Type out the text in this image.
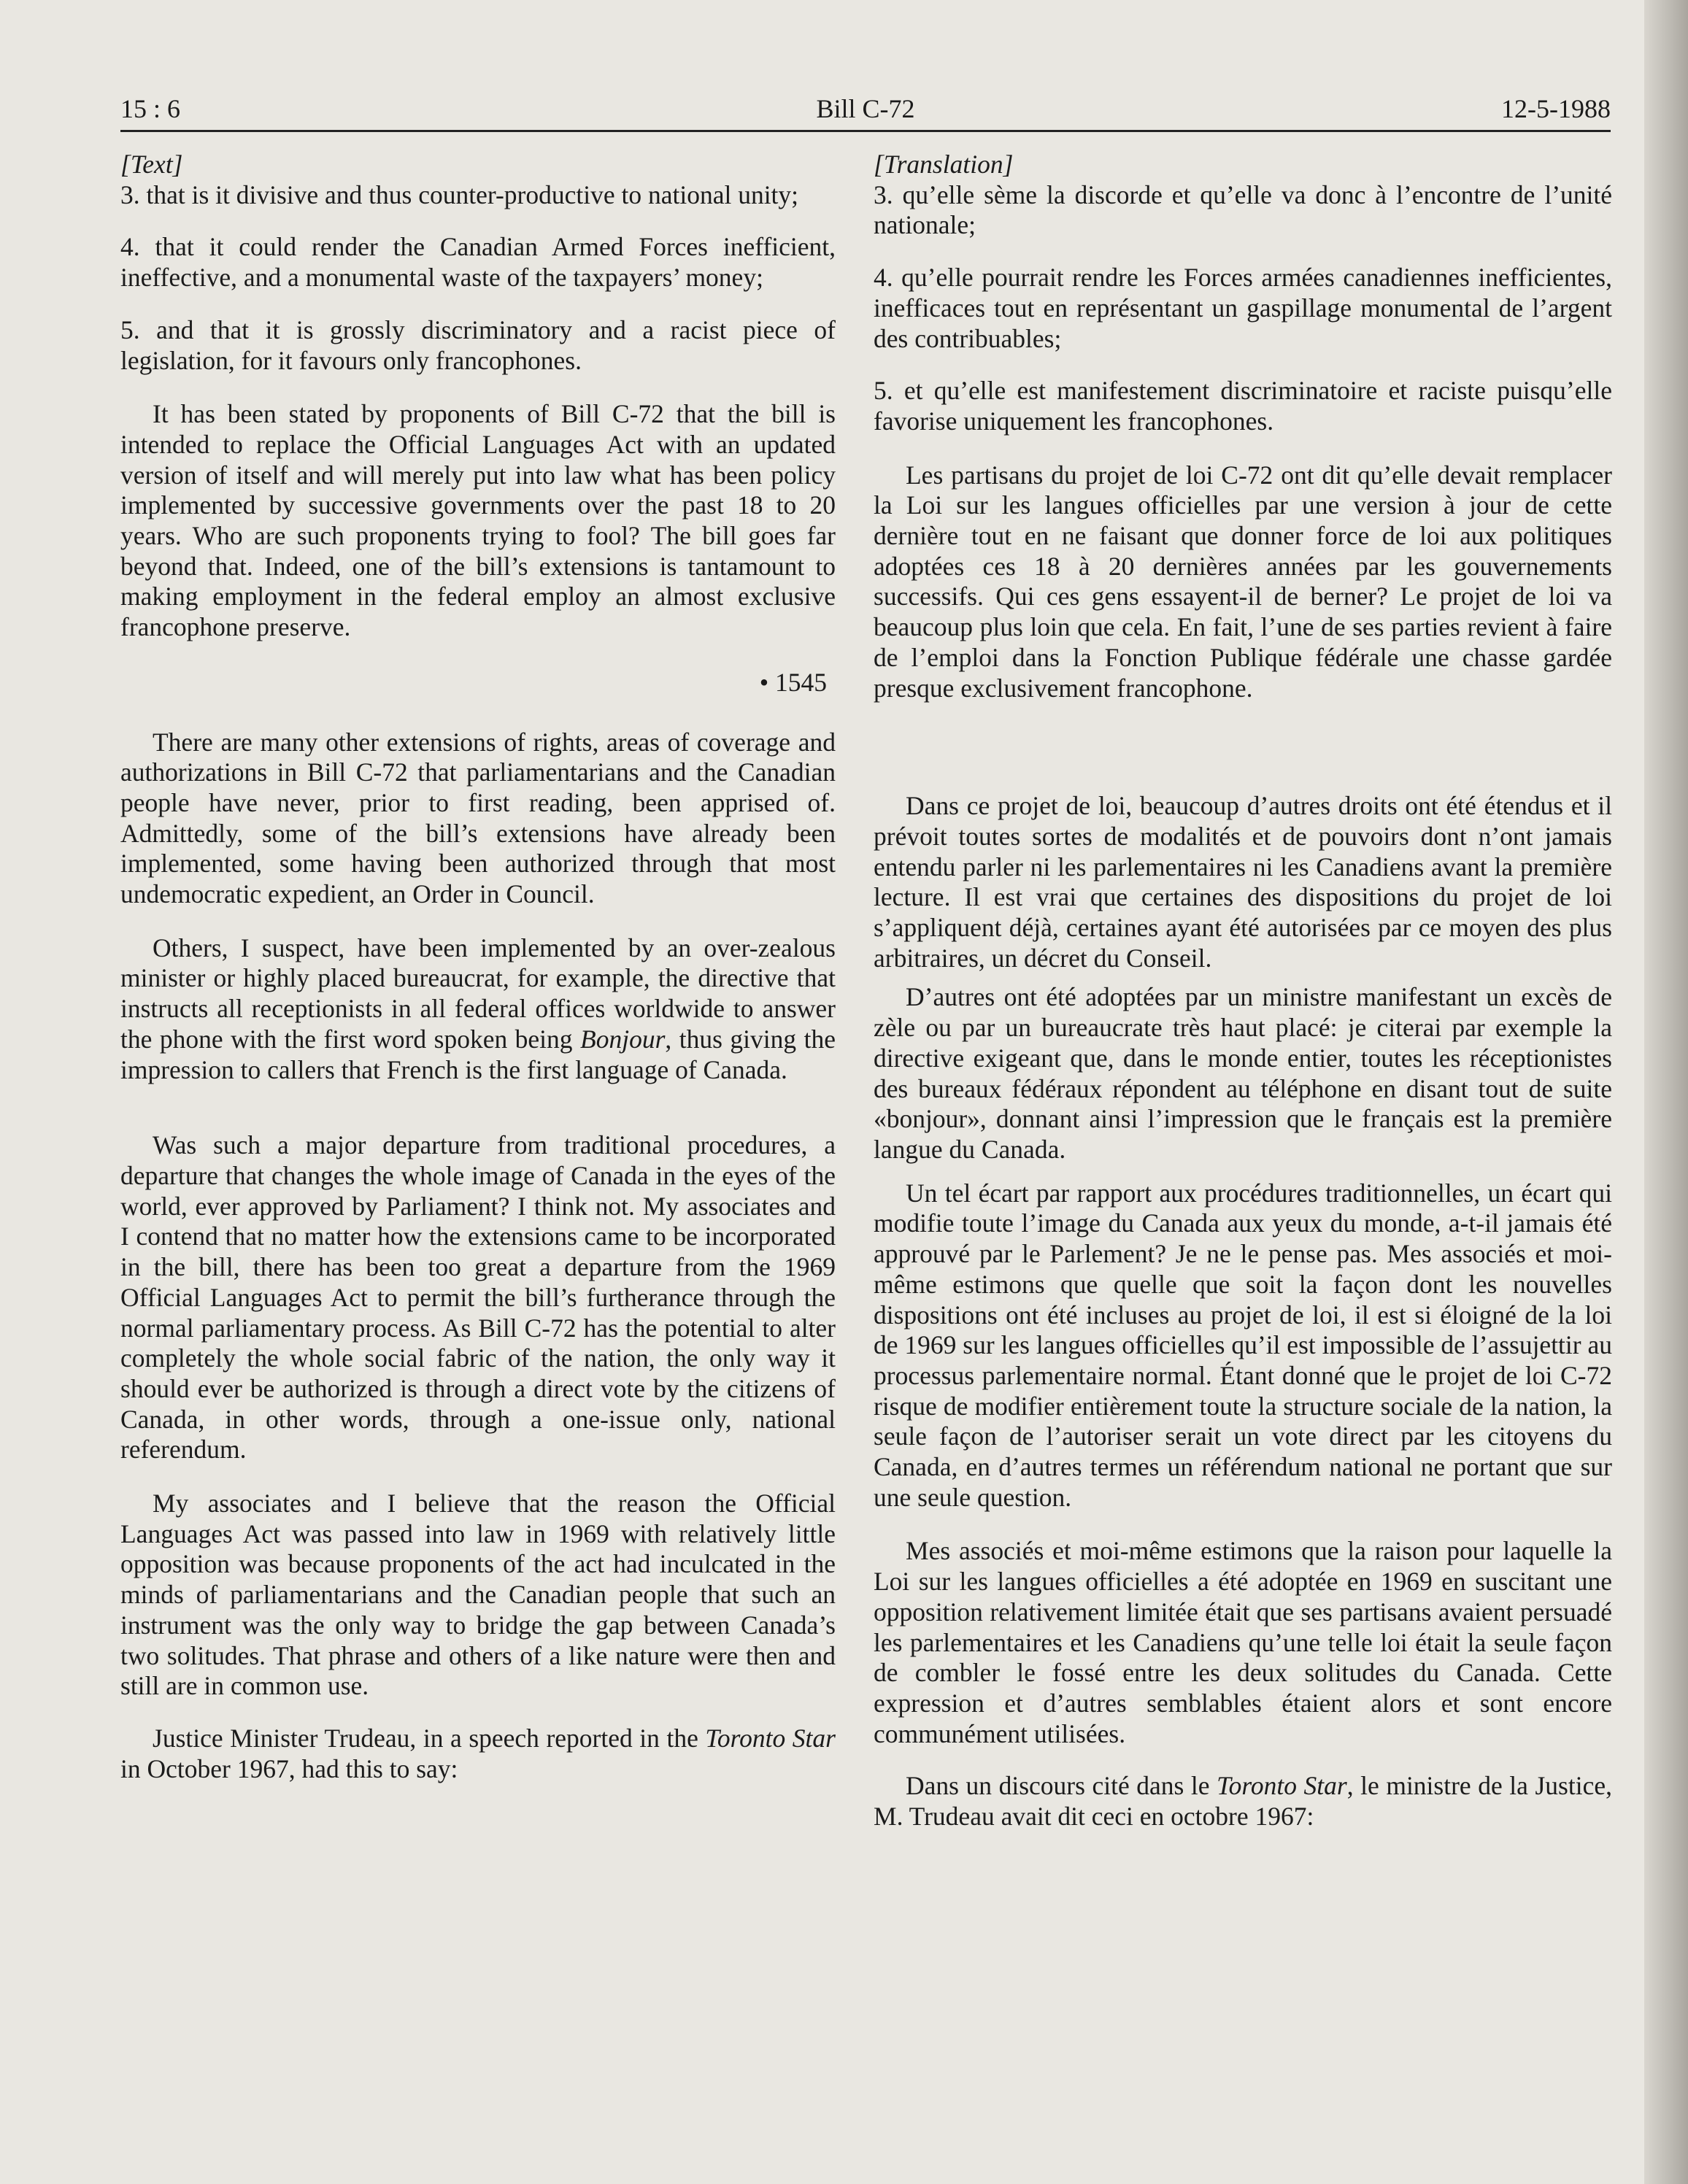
15 : 6	Bill C-72	12-5-1988

[Text]

3. that is it divisive and thus counter-productive to national unity;

4. that it could render the Canadian Armed Forces inefficient, ineffective, and a monumental waste of the taxpayers’ money;

5. and that it is grossly discriminatory and a racist piece of legislation, for it favours only francophones.

It has been stated by proponents of Bill C-72 that the bill is intended to replace the Official Languages Act with an updated version of itself and will merely put into law what has been policy implemented by successive governments over the past 18 to 20 years. Who are such proponents trying to fool? The bill goes far beyond that. Indeed, one of the bill’s extensions is tantamount to making employment in the federal employ an almost exclusive francophone preserve.

• 1545

There are many other extensions of rights, areas of coverage and authorizations in Bill C-72 that parliamentarians and the Canadian people have never, prior to first reading, been apprised of. Admittedly, some of the bill’s extensions have already been implemented, some having been authorized through that most undemocratic expedient, an Order in Council.

Others, I suspect, have been implemented by an over-zealous minister or highly placed bureaucrat, for example, the directive that instructs all receptionists in all federal offices worldwide to answer the phone with the first word spoken being Bonjour, thus giving the impression to callers that French is the first language of Canada.

Was such a major departure from traditional procedures, a departure that changes the whole image of Canada in the eyes of the world, ever approved by Parliament? I think not. My associates and I contend that no matter how the extensions came to be incorporated in the bill, there has been too great a departure from the 1969 Official Languages Act to permit the bill’s furtherance through the normal parliamentary process. As Bill C-72 has the potential to alter completely the whole social fabric of the nation, the only way it should ever be authorized is through a direct vote by the citizens of Canada, in other words, through a one-issue only, national referendum.

My associates and I believe that the reason the Official Languages Act was passed into law in 1969 with relatively little opposition was because proponents of the act had inculcated in the minds of parliamentarians and the Canadian people that such an instrument was the only way to bridge the gap between Canada’s two solitudes. That phrase and others of a like nature were then and still are in common use.

Justice Minister Trudeau, in a speech reported in the Toronto Star in October 1967, had this to say:

[Translation]

3. qu’elle sème la discorde et qu’elle va donc à l’encontre de l’unité nationale;

4. qu’elle pourrait rendre les Forces armées canadiennes inefficientes, inefficaces tout en représentant un gaspillage monumental de l’argent des contribuables;

5. et qu’elle est manifestement discriminatoire et raciste puisqu’elle favorise uniquement les francophones.

Les partisans du projet de loi C-72 ont dit qu’elle devait remplacer la Loi sur les langues officielles par une version à jour de cette dernière tout en ne faisant que donner force de loi aux politiques adoptées ces 18 à 20 dernières années par les gouvernements successifs. Qui ces gens essayent-il de berner? Le projet de loi va beaucoup plus loin que cela. En fait, l’une de ses parties revient à faire de l’emploi dans la Fonction Publique fédérale une chasse gardée presque exclusivement francophone.

Dans ce projet de loi, beaucoup d’autres droits ont été étendus et il prévoit toutes sortes de modalités et de pouvoirs dont n’ont jamais entendu parler ni les parlementaires ni les Canadiens avant la première lecture. Il est vrai que certaines des dispositions du projet de loi s’appliquent déjà, certaines ayant été autorisées par ce moyen des plus arbitraires, un décret du Conseil.

D’autres ont été adoptées par un ministre manifestant un excès de zèle ou par un bureaucrate très haut placé: je citerai par exemple la directive exigeant que, dans le monde entier, toutes les réceptionistes des bureaux fédéraux répondent au téléphone en disant tout de suite «bonjour», donnant ainsi l’impression que le français est la première langue du Canada.

Un tel écart par rapport aux procédures traditionnelles, un écart qui modifie toute l’image du Canada aux yeux du monde, a-t-il jamais été approuvé par le Parlement? Je ne le pense pas. Mes associés et moi-même estimons que quelle que soit la façon dont les nouvelles dispositions ont été incluses au projet de loi, il est si éloigné de la loi de 1969 sur les langues officielles qu’il est impossible de l’assujettir au processus parlementaire normal. Étant donné que le projet de loi C-72 risque de modifier entièrement toute la structure sociale de la nation, la seule façon de l’autoriser serait un vote direct par les citoyens du Canada, en d’autres termes un référendum national ne portant que sur une seule question.

Mes associés et moi-même estimons que la raison pour laquelle la Loi sur les langues officielles a été adoptée en 1969 en suscitant une opposition relativement limitée était que ses partisans avaient persuadé les parlementaires et les Canadiens qu’une telle loi était la seule façon de combler le fossé entre les deux solitudes du Canada. Cette expression et d’autres semblables étaient alors et sont encore communément utilisées.

Dans un discours cité dans le Toronto Star, le ministre de la Justice, M. Trudeau avait dit ceci en octobre 1967:
